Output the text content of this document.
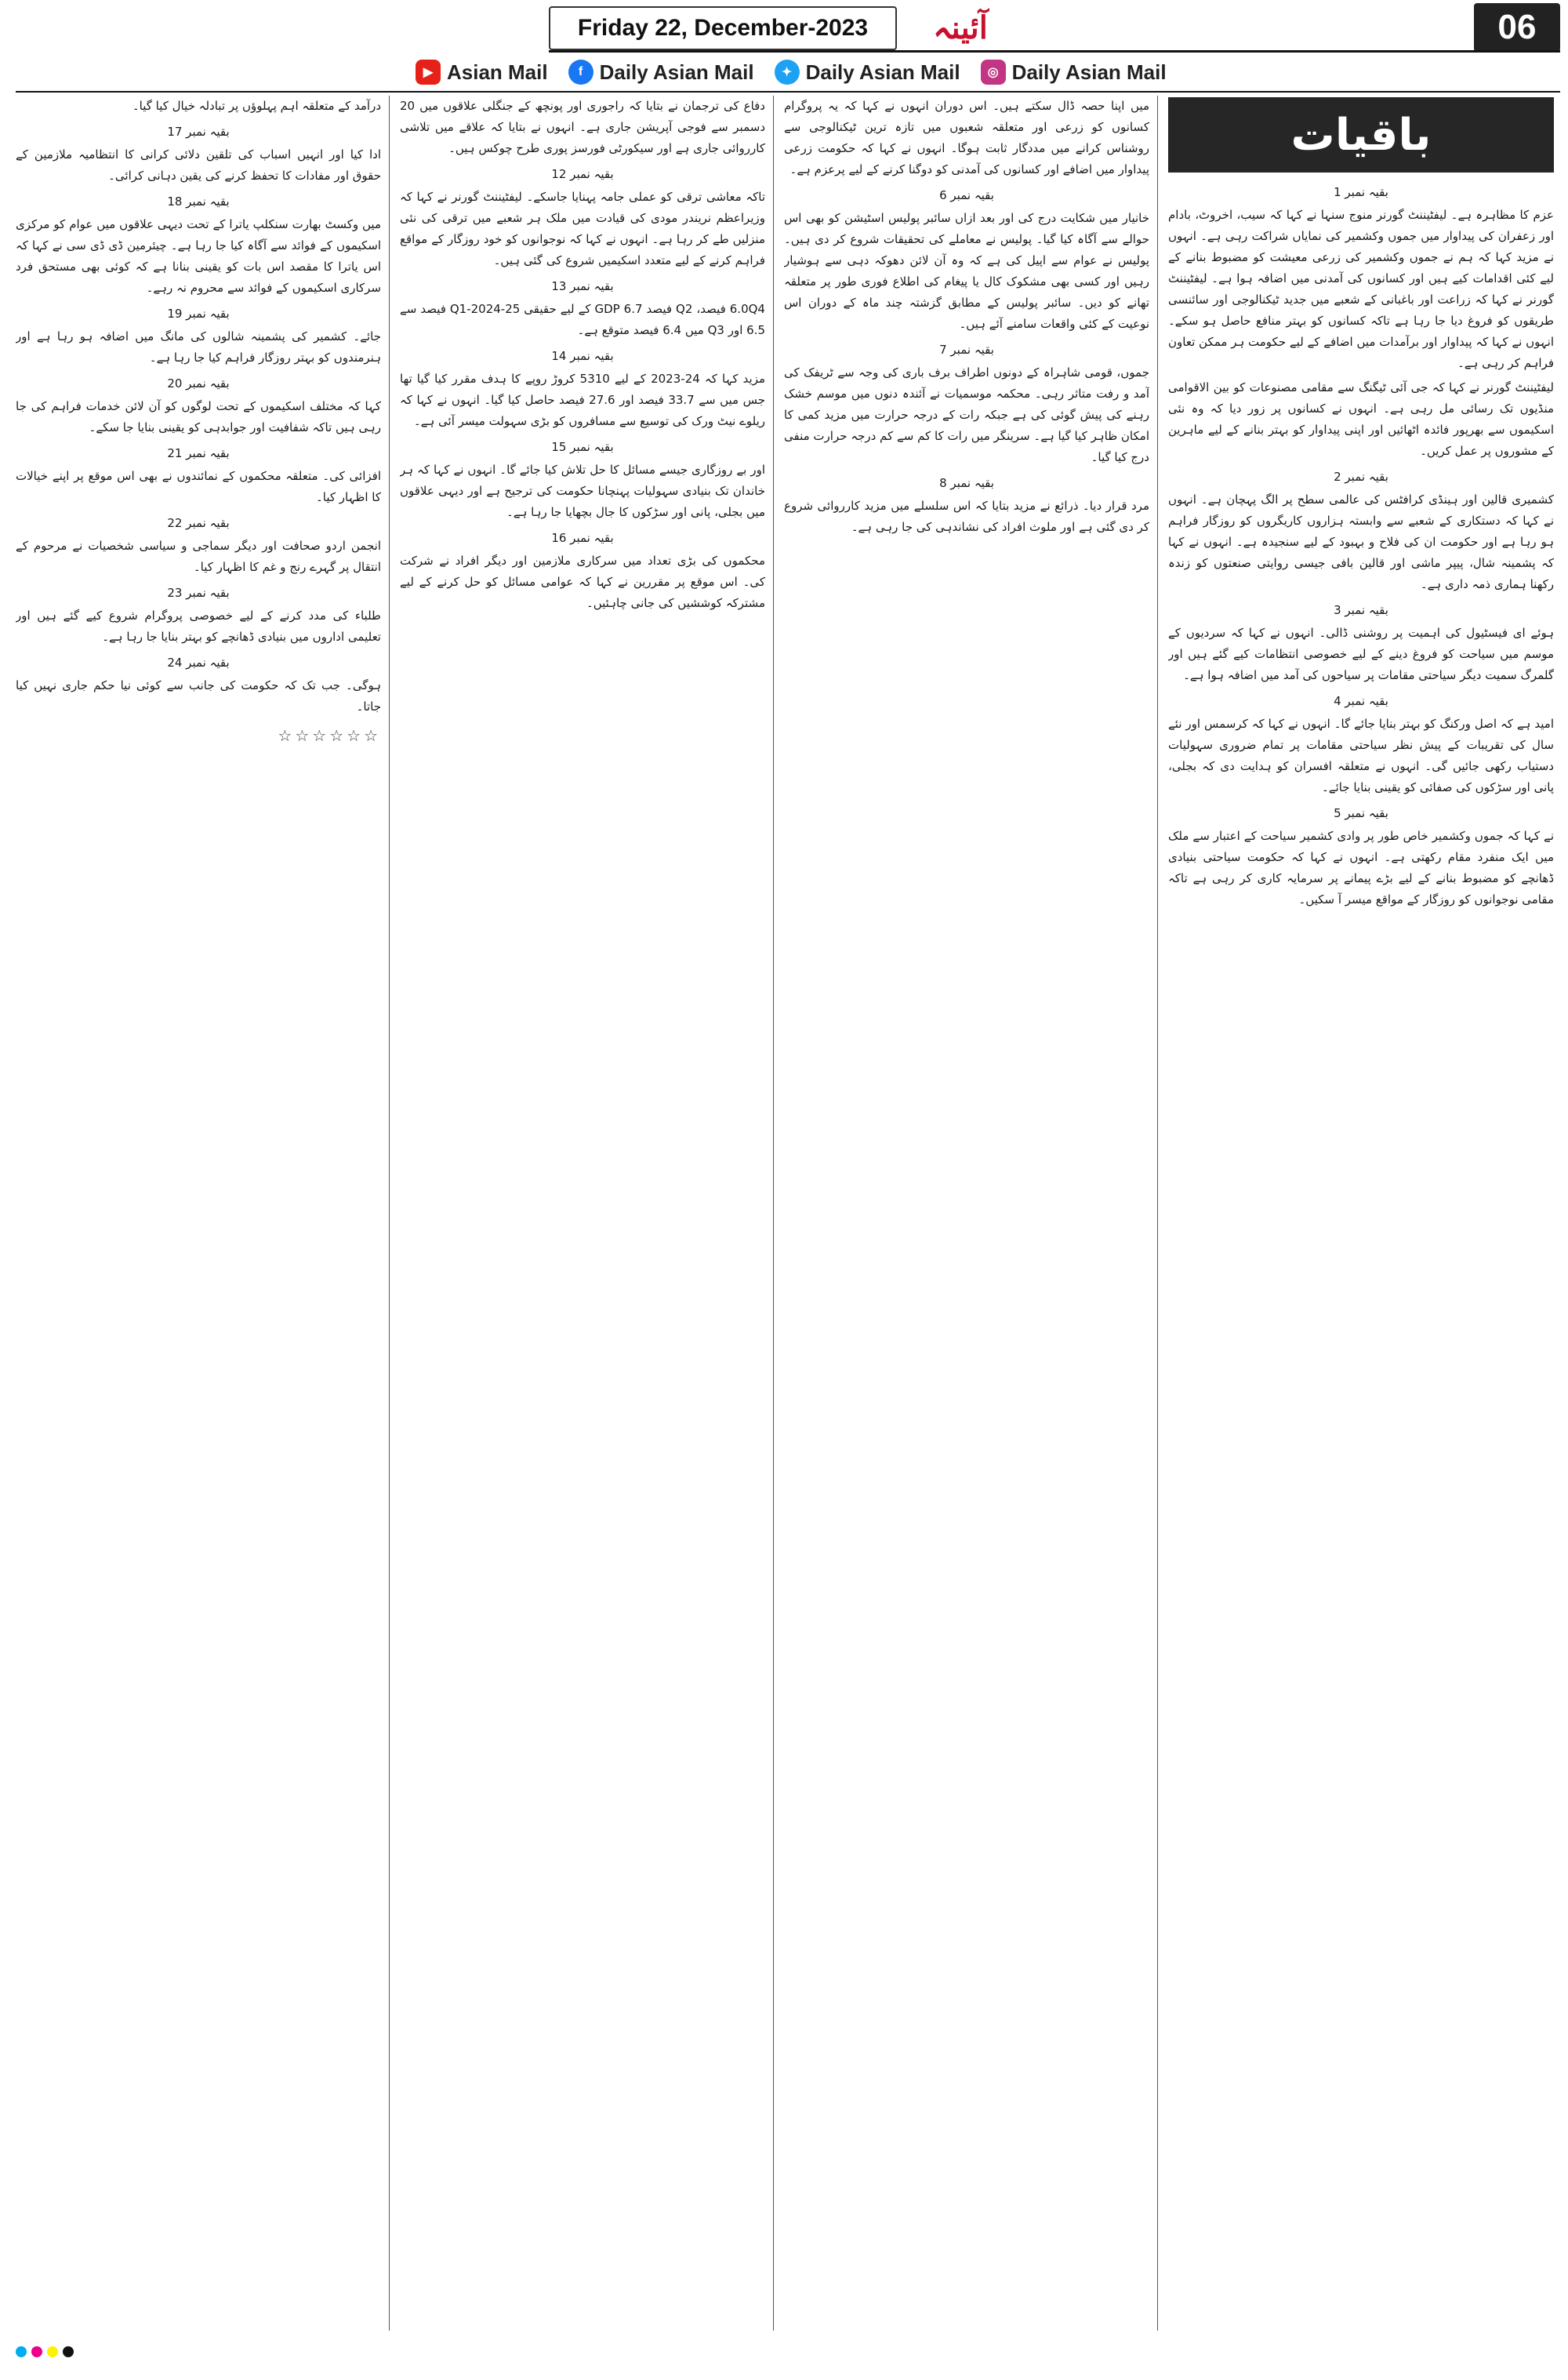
06
آئینہ
Friday 22, December-2023
▶ Asian Mail	f Daily Asian Mail	✦ Daily Asian Mail	◎ Daily Asian Mail
باقیات
بقیہ نمبر 1

عزم کا مظاہرہ ہے۔ لیفٹیننٹ گورنر منوج سنہا نے کہا کہ سیب، اخروٹ، بادام اور زعفران کی پیداوار میں جموں وکشمیر کی نمایاں شراکت رہی ہے۔ انہوں نے مزید کہا کہ ہم نے جموں وکشمیر کی زرعی معیشت کو مضبوط بنانے کے لیے کئی اقدامات کیے ہیں اور کسانوں کی آمدنی میں اضافہ ہوا ہے۔ لیفٹیننٹ گورنر نے کہا کہ زراعت اور باغبانی کے شعبے میں جدید ٹیکنالوجی اور سائنسی طریقوں کو فروغ دیا جا رہا ہے تاکہ کسانوں کو بہتر منافع حاصل ہو سکے۔ انہوں نے کہا کہ پیداوار اور برآمدات میں اضافے کے لیے حکومت ہر ممکن تعاون فراہم کر رہی ہے۔

لیفٹیننٹ گورنر نے کہا کہ جی آئی ٹیگنگ سے مقامی مصنوعات کو بین الاقوامی منڈیوں تک رسائی مل رہی ہے۔ انہوں نے کسانوں پر زور دیا کہ وہ نئی اسکیموں سے بھرپور فائدہ اٹھائیں اور اپنی پیداوار کو بہتر بنانے کے لیے ماہرین کے مشوروں پر عمل کریں۔

بقیہ نمبر 2

کشمیری قالین اور ہینڈی کرافٹس کی عالمی سطح پر الگ پہچان ہے۔ انہوں نے کہا کہ دستکاری کے شعبے سے وابستہ ہزاروں کاریگروں کو روزگار فراہم ہو رہا ہے اور حکومت ان کی فلاح و بہبود کے لیے سنجیدہ ہے۔ انہوں نے کہا کہ پشمینہ شال، پیپر ماشی اور قالین بافی جیسی روایتی صنعتوں کو زندہ رکھنا ہماری ذمہ داری ہے۔

بقیہ نمبر 3

ہوئے ای فیسٹیول کی اہمیت پر روشنی ڈالی۔ انہوں نے کہا کہ سردیوں کے موسم میں سیاحت کو فروغ دینے کے لیے خصوصی انتظامات کیے گئے ہیں اور گلمرگ سمیت دیگر سیاحتی مقامات پر سیاحوں کی آمد میں اضافہ ہوا ہے۔

بقیہ نمبر 4

امید ہے کہ اصل ورکنگ کو بہتر بنایا جائے گا۔ انہوں نے کہا کہ کرسمس اور نئے سال کی تقریبات کے پیش نظر سیاحتی مقامات پر تمام ضروری سہولیات دستیاب رکھی جائیں گی۔ انہوں نے متعلقہ افسران کو ہدایت دی کہ بجلی، پانی اور سڑکوں کی صفائی کو یقینی بنایا جائے۔

بقیہ نمبر 5

نے کہا کہ جموں وکشمیر خاص طور پر وادی کشمیر سیاحت کے اعتبار سے ملک میں ایک منفرد مقام رکھتی ہے۔ انہوں نے کہا کہ حکومت سیاحتی بنیادی ڈھانچے کو مضبوط بنانے کے لیے بڑے پیمانے پر سرمایہ کاری کر رہی ہے تاکہ مقامی نوجوانوں کو روزگار کے مواقع میسر آ سکیں۔

میں اپنا حصہ ڈال سکتے ہیں۔ اس دوران انہوں نے کہا کہ یہ پروگرام کسانوں کو زرعی اور متعلقہ شعبوں میں تازہ ترین ٹیکنالوجی سے روشناس کرانے میں مددگار ثابت ہوگا۔ انہوں نے کہا کہ حکومت زرعی پیداوار میں اضافے اور کسانوں کی آمدنی کو دوگنا کرنے کے لیے پرعزم ہے۔

بقیہ نمبر 6

خانیار میں شکایت درج کی اور بعد ازاں سائبر پولیس اسٹیشن کو بھی اس حوالے سے آگاہ کیا گیا۔ پولیس نے معاملے کی تحقیقات شروع کر دی ہیں۔ پولیس نے عوام سے اپیل کی ہے کہ وہ آن لائن دھوکہ دہی سے ہوشیار رہیں اور کسی بھی مشکوک کال یا پیغام کی اطلاع فوری طور پر متعلقہ تھانے کو دیں۔ سائبر پولیس کے مطابق گزشتہ چند ماہ کے دوران اس نوعیت کے کئی واقعات سامنے آئے ہیں۔

بقیہ نمبر 7

جموں، قومی شاہراہ کے دونوں اطراف برف باری کی وجہ سے ٹریفک کی آمد و رفت متاثر رہی۔ محکمہ موسمیات نے آئندہ دنوں میں موسم خشک رہنے کی پیش گوئی کی ہے جبکہ رات کے درجہ حرارت میں مزید کمی کا امکان ظاہر کیا گیا ہے۔ سرینگر میں رات کا کم سے کم درجہ حرارت منفی درج کیا گیا۔

بقیہ نمبر 8

مرد قرار دیا۔ ذرائع نے مزید بتایا کہ اس سلسلے میں مزید کارروائی شروع کر دی گئی ہے اور ملوث افراد کی نشاندہی کی جا رہی ہے۔

دفاع کی ترجمان نے بتایا کہ راجوری اور پونچھ کے جنگلی علاقوں میں 20 دسمبر سے فوجی آپریشن جاری ہے۔ انہوں نے بتایا کہ علاقے میں تلاشی کارروائی جاری ہے اور سیکورٹی فورسز پوری طرح چوکس ہیں۔

بقیہ نمبر 12

تاکہ معاشی ترقی کو عملی جامہ پہنایا جاسکے۔ لیفٹیننٹ گورنر نے کہا کہ وزیراعظم نریندر مودی کی قیادت میں ملک ہر شعبے میں ترقی کی نئی منزلیں طے کر رہا ہے۔ انہوں نے کہا کہ نوجوانوں کو خود روزگار کے مواقع فراہم کرنے کے لیے متعدد اسکیمیں شروع کی گئی ہیں۔

بقیہ نمبر 13

6.0Q4 فیصد، Q2 فیصد 6.7 GDP کے لیے حقیقی Q1-2024-25 فیصد سے 6.5 اور Q3 میں 6.4 فیصد متوقع ہے۔

بقیہ نمبر 14

مزید کہا کہ 24-2023 کے لیے 5310 کروڑ روپے کا ہدف مقرر کیا گیا تھا جس میں سے 33.7 فیصد اور 27.6 فیصد حاصل کیا گیا۔ انہوں نے کہا کہ ریلوے نیٹ ورک کی توسیع سے مسافروں کو بڑی سہولت میسر آئی ہے۔

بقیہ نمبر 15

اور بے روزگاری جیسے مسائل کا حل تلاش کیا جائے گا۔ انہوں نے کہا کہ ہر خاندان تک بنیادی سہولیات پہنچانا حکومت کی ترجیح ہے اور دیہی علاقوں میں بجلی، پانی اور سڑکوں کا جال بچھایا جا رہا ہے۔

بقیہ نمبر 16

محکموں کی بڑی تعداد میں سرکاری ملازمین اور دیگر افراد نے شرکت کی۔ اس موقع پر مقررین نے کہا کہ عوامی مسائل کو حل کرنے کے لیے مشترکہ کوششیں کی جانی چاہئیں۔

درآمد کے متعلقہ اہم پہلوؤں پر تبادلہ خیال کیا گیا۔

بقیہ نمبر 17

ادا کیا اور انہیں اسباب کی تلقین دلائی کرانی کا انتظامیہ ملازمین کے حقوق اور مفادات کا تحفظ کرنے کی یقین دہانی کرائی۔

بقیہ نمبر 18

میں وکسٹ بھارت سنکلپ یاترا کے تحت دیہی علاقوں میں عوام کو مرکزی اسکیموں کے فوائد سے آگاہ کیا جا رہا ہے۔ چیئرمین ڈی ڈی سی نے کہا کہ اس یاترا کا مقصد اس بات کو یقینی بنانا ہے کہ کوئی بھی مستحق فرد سرکاری اسکیموں کے فوائد سے محروم نہ رہے۔

بقیہ نمبر 19

جائے۔ کشمیر کی پشمینہ شالوں کی مانگ میں اضافہ ہو رہا ہے اور ہنرمندوں کو بہتر روزگار فراہم کیا جا رہا ہے۔

بقیہ نمبر 20

کہا کہ مختلف اسکیموں کے تحت لوگوں کو آن لائن خدمات فراہم کی جا رہی ہیں تاکہ شفافیت اور جوابدہی کو یقینی بنایا جا سکے۔

بقیہ نمبر 21

افزائی کی۔ متعلقہ محکموں کے نمائندوں نے بھی اس موقع پر اپنے خیالات کا اظہار کیا۔

بقیہ نمبر 22

انجمن اردو صحافت اور دیگر سماجی و سیاسی شخصیات نے مرحوم کے انتقال پر گہرے رنج و غم کا اظہار کیا۔

بقیہ نمبر 23

طلباء کی مدد کرنے کے لیے خصوصی پروگرام شروع کیے گئے ہیں اور تعلیمی اداروں میں بنیادی ڈھانچے کو بہتر بنایا جا رہا ہے۔

بقیہ نمبر 24

ہوگی۔ جب تک کہ حکومت کی جانب سے کوئی نیا حکم جاری نہیں کیا جاتا۔

☆☆☆☆☆☆
